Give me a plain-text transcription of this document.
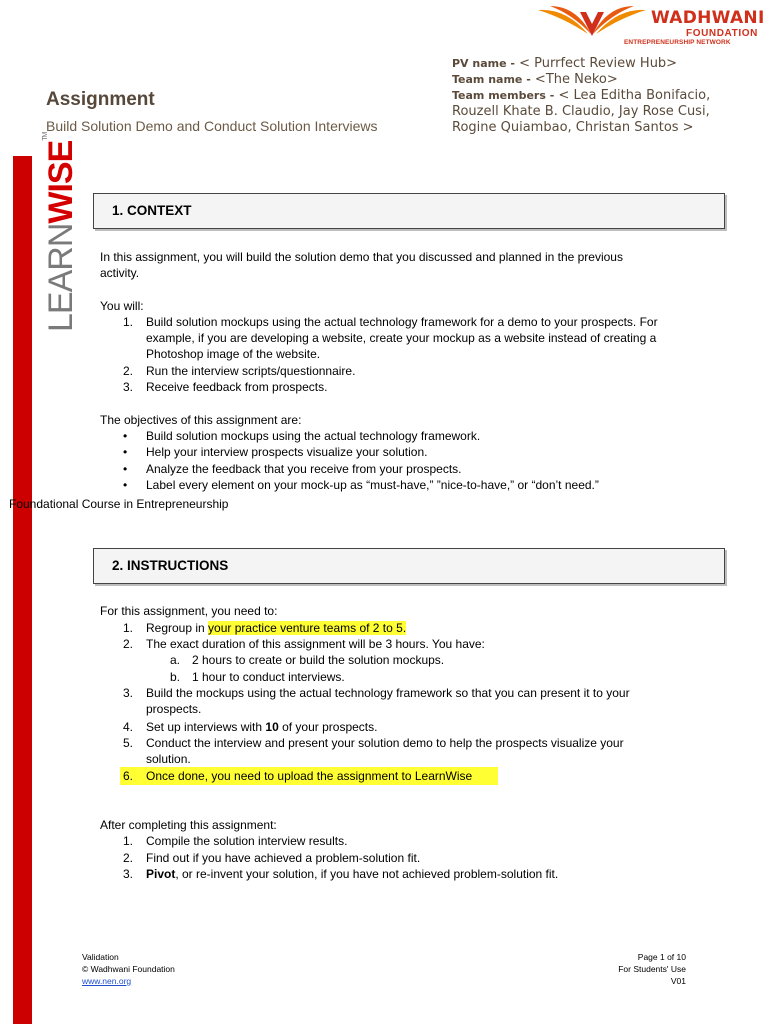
WADHWANI
FOUNDATION
ENTREPRENEURSHIP NETWORK
Assignment
Build Solution Demo and Conduct Solution Interviews
PV name - < Purrfect Review Hub>
Team name - <The Neko>
Team members - < Lea Editha Bonifacio,
Rouzell Khate B. Claudio, Jay Rose Cusi,
Rogine Quiambao, Christan Santos >
LEARNWISE™
1. CONTEXT
In this assignment, you will build the solution demo that you discussed and planned in the previous
activity.
You will:
1. Build solution mockups using the actual technology framework for a demo to your prospects. For
example, if you are developing a website, create your mockup as a website instead of creating a
Photoshop image of the website.
2. Run the interview scripts/questionnaire.
3. Receive feedback from prospects.
The objectives of this assignment are:
• Build solution mockups using the actual technology framework.
• Help your interview prospects visualize your solution.
• Analyze the feedback that you receive from your prospects.
• Label every element on your mock-up as “must-have,” ”nice-to-have,” or “don’t need.”
Foundational Course in Entrepreneurship
2. INSTRUCTIONS
For this assignment, you need to:
1. Regroup in your practice venture teams of 2 to 5.
2. The exact duration of this assignment will be 3 hours. You have:
a. 2 hours to create or build the solution mockups.
b. 1 hour to conduct interviews.
3. Build the mockups using the actual technology framework so that you can present it to your
prospects.
4. Set up interviews with 10 of your prospects.
5. Conduct the interview and present your solution demo to help the prospects visualize your
solution.
6. Once done, you need to upload the assignment to LearnWise
After completing this assignment:
1. Compile the solution interview results.
2. Find out if you have achieved a problem-solution fit.
3. Pivot, or re-invent your solution, if you have not achieved problem-solution fit.
Validation
© Wadhwani Foundation
www.nen.org
Page 1 of 10
For Students' Use
V01
